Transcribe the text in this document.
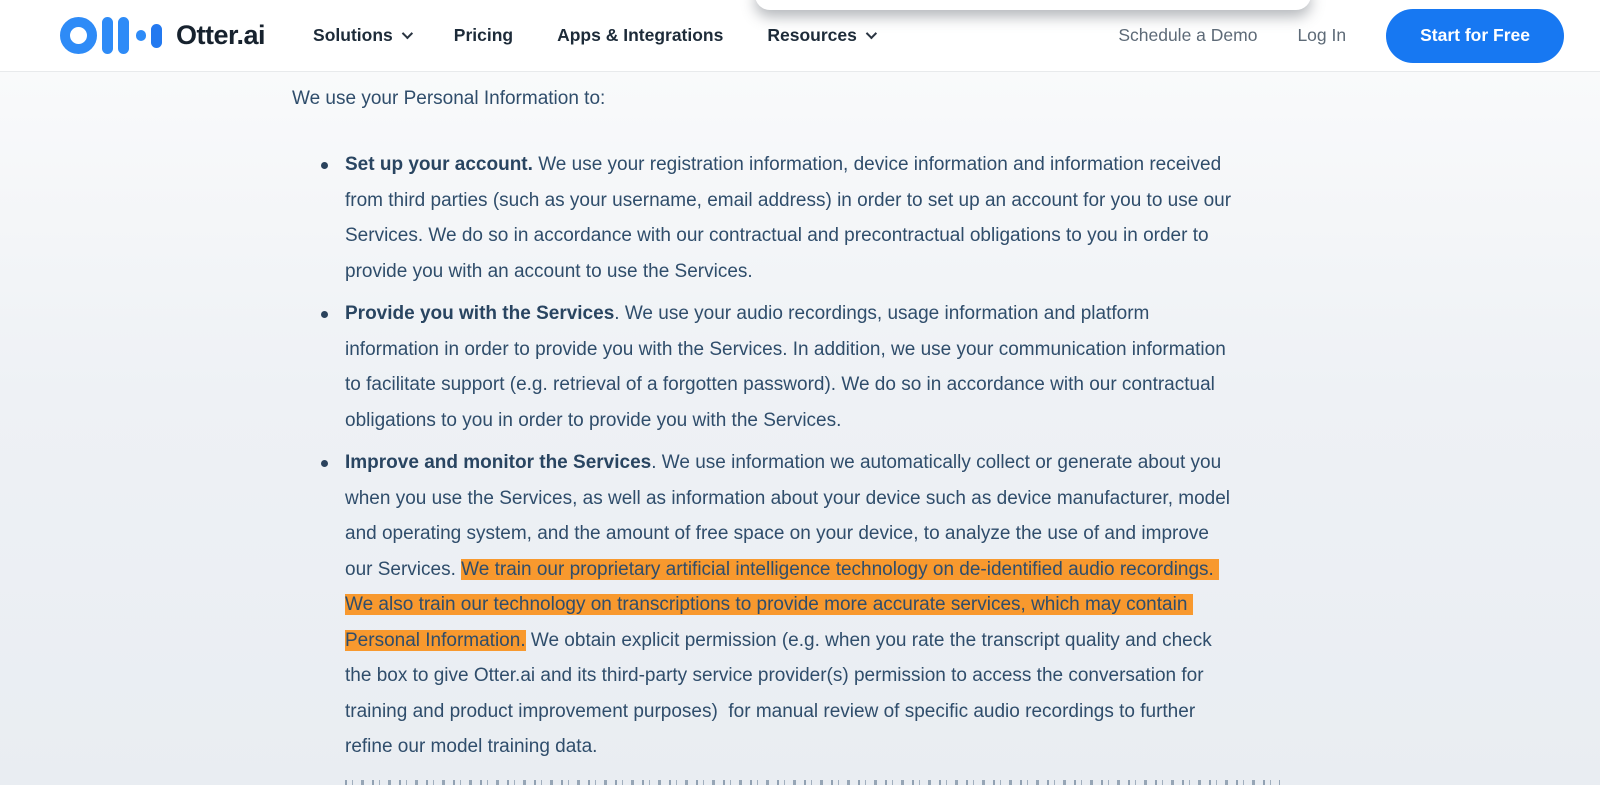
Otter.ai	Solutions	Pricing	Apps & Integrations	Resources	Schedule a Demo Log In	Start for Free

We use your Personal Information to:

Set up your account. We use your registration information, device information and information received from third parties (such as your username, email address) in order to set up an account for you to use our Services. We do so in accordance with our contractual and precontractual obligations to you in order to provide you with an account to use the Services.
Provide you with the Services. We use your audio recordings, usage information and platform information in order to provide you with the Services. In addition, we use your communication information to facilitate support (e.g. retrieval of a forgotten password). We do so in accordance with our contractual obligations to you in order to provide you with the Services.
Improve and monitor the Services. We use information we automatically collect or generate about you when you use the Services, as well as information about your device such as device manufacturer, model and operating system, and the amount of free space on your device, to analyze the use of and improve our Services. We train our proprietary artificial intelligence technology on de-identified audio recordings. We also train our technology on transcriptions to provide more accurate services, which may contain Personal Information. We obtain explicit permission (e.g. when you rate the transcript quality and check the box to give Otter.ai and its third-party service provider(s) permission to access the conversation for training and product improvement purposes)  for manual review of specific audio recordings to further refine our model training data.
